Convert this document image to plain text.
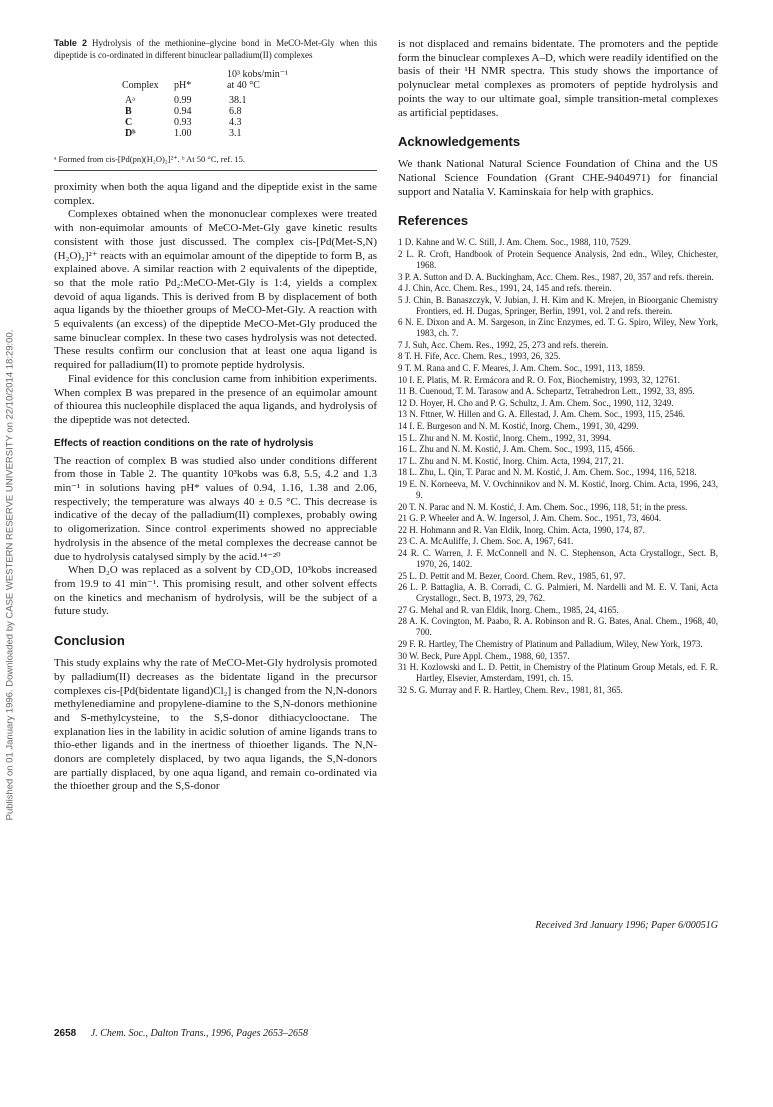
Published on 01 January 1996. Downloaded by CASE WESTERN RESERVE UNIVERSITY on 22/10/2014 18:29:00.

Table 2 Hydrolysis of the methionine–glycine bond in MeCO-Met-Gly when this dipeptide is co-ordinated in different binuclear palladium(II) complexes

10³ kobs/min⁻¹
Complex pH*	at 40 °C
Aᵃ	0.99	38.1
B	0.94	6.8
C	0.93	4.3
Dᵇ	1.00	3.1

ᵃ Formed from cis-[Pd(pn)(H₂O)₂]²⁺. ᵇ At 50 °C, ref. 15.

proximity when both the aqua ligand and the dipeptide exist in the same complex.

Complexes obtained when the mononuclear complexes were treated with non-equimolar amounts of MeCO-Met-Gly gave kinetic results consistent with those just discussed. The complex cis-[Pd(Met-S,N)(H₂O)₂]²⁺ reacts with an equimolar amount of the dipeptide to form B, as explained above. A similar reaction with 2 equivalents of the dipeptide, so that the mole ratio Pd₂:MeCO-Met-Gly is 1:4, yields a complex devoid of aqua ligands. This is derived from B by displacement of both aqua ligands by the thioether groups of MeCO-Met-Gly. A reaction with 5 equivalents (an excess) of the dipeptide MeCO-Met-Gly produced the same binuclear complex. In these two cases hydrolysis was not detected. These results confirm our conclusion that at least one aqua ligand is required for palladium(II) to promote peptide hydrolysis.

Final evidence for this conclusion came from inhibition experiments. When complex B was prepared in the presence of an equimolar amount of thiourea this nucleophile displaced the aqua ligands, and hydrolysis of the dipeptide was not detected.

Effects of reaction conditions on the rate of hydrolysis

The reaction of complex B was studied also under conditions different from those in Table 2. The quantity 10³kobs was 6.8, 5.5, 4.2 and 1.3 min⁻¹ in solutions having pH* values of 0.94, 1.16, 1.38 and 2.06, respectively; the temperature was always 40 ± 0.5 °C. This decrease is indicative of the decay of the palladium(II) complexes, probably owing to oligomerization. Since control experiments showed no appreciable hydrolysis in the absence of the metal complexes the decrease cannot be due to hydrolysis catalysed simply by the acid.¹⁴⁻²⁰

When D₂O was replaced as a solvent by CD₃OD, 10³kobs increased from 19.9 to 41 min⁻¹. This promising result, and other solvent effects on the kinetics and mechanism of hydrolysis, will be the subject of a future study.

Conclusion

This study explains why the rate of MeCO-Met-Gly hydrolysis promoted by palladium(II) decreases as the bidentate ligand in the precursor complexes cis-[Pd(bidentate ligand)Cl₂] is changed from the N,N-donors methylenediamine and propylene-diamine to the S,N-donors methionine and S-methylcysteine, to the S,S-donor dithiacyclooctane. The explanation lies in the lability in acidic solution of amine ligands trans to thio-ether ligands and in the inertness of thioether ligands. The N,N-donors are completely displaced, by two aqua ligands, the S,N-donors are partially displaced, by one aqua ligand, and remain co-ordinated via the thioether group and the S,S-donor

is not displaced and remains bidentate. The promoters and the peptide form the binuclear complexes A–D, which were readily identified on the basis of their ¹H NMR spectra. This study shows the importance of polynuclear metal complexes as promoters of peptide hydrolysis and points the way to our ultimate goal, simple transition-metal complexes as artificial peptidases.

Acknowledgements

We thank National Natural Science Foundation of China and the US National Science Foundation (Grant CHE-9404971) for financial support and Natalia V. Kaminskaia for help with graphics.

References
1 D. Kahne and W. C. Still, J. Am. Chem. Soc., 1988, 110, 7529.
2 L. R. Croft, Handbook of Protein Sequence Analysis, 2nd edn., Wiley, Chichester, 1968.
3 P. A. Sutton and D. A. Buckingham, Acc. Chem. Res., 1987, 20, 357 and refs. therein.
4 J. Chin, Acc. Chem. Res., 1991, 24, 145 and refs. therein.
5 J. Chin, B. Banaszczyk, V. Jubian, J. H. Kim and K. Mrejen, in Bioorganic Chemistry Frontiers, ed. H. Dugas, Springer, Berlin, 1991, vol. 2 and refs. therein.
6 N. E. Dixon and A. M. Sargeson, in Zinc Enzymes, ed. T. G. Spiro, Wiley, New York, 1983, ch. 7.
7 J. Suh, Acc. Chem. Res., 1992, 25, 273 and refs. therein.
8 T. H. Fife, Acc. Chem. Res., 1993, 26, 325.
9 T. M. Rana and C. F. Meares, J. Am. Chem. Soc., 1991, 113, 1859.
10 I. E. Platis, M. R. Ermácora and R. O. Fox, Biochemistry, 1993, 32, 12761.
11 B. Cuenoud, T. M. Tarasow and A. Schepartz, Tetrahedron Lett., 1992, 33, 895.
12 D. Hoyer, H. Cho and P. G. Schultz, J. Am. Chem. Soc., 1990, 112, 3249.
13 N. Fttner, W. Hillen and G. A. Ellestad, J. Am. Chem. Soc., 1993, 115, 2546.
14 I. E. Burgeson and N. M. Kostić, Inorg. Chem., 1991, 30, 4299.
15 L. Zhu and N. M. Kostić, Inorg. Chem., 1992, 31, 3994.
16 L. Zhu and N. M. Kostić, J. Am. Chem. Soc., 1993, 115, 4566.
17 L. Zhu and N. M. Kostić, Inorg. Chim. Acta, 1994, 217, 21.
18 L. Zhu, L. Qin, T. Parac and N. M. Kostić, J. Am. Chem. Soc., 1994, 116, 5218.
19 E. N. Korneeva, M. V. Ovchinnikov and N. M. Kostić, Inorg. Chim. Acta, 1996, 243, 9.
20 T. N. Parac and N. M. Kostić, J. Am. Chem. Soc., 1996, 118, 51; in the press.
21 G. P. Wheeler and A. W. Ingersol, J. Am. Chem. Soc., 1951, 73, 4604.
22 H. Hohmann and R. Van Eldik, Inorg. Chim. Acta, 1990, 174, 87.
23 C. A. McAuliffe, J. Chem. Soc. A, 1967, 641.
24 R. C. Warren, J. F. McConnell and N. C. Stephenson, Acta Crystallogr., Sect. B, 1970, 26, 1402.
25 L. D. Pettit and M. Bezer, Coord. Chem. Rev., 1985, 61, 97.
26 L. P. Battaglia, A. B. Corradi, C. G. Palmieri, M. Nardelli and M. E. V. Tani, Acta Crystallogr., Sect. B, 1973, 29, 762.
27 G. Mehal and R. van Eldik, Inorg. Chem., 1985, 24, 4165.
28 A. K. Covington, M. Paabo, R. A. Robinson and R. G. Bates, Anal. Chem., 1968, 40, 700.
29 F. R. Hartley, The Chemistry of Platinum and Palladium, Wiley, New York, 1973.
30 W. Beck, Pure Appl. Chem., 1988, 60, 1357.
31 H. Kozlowski and L. D. Pettit, in Chemistry of the Platinum Group Metals, ed. F. R. Hartley, Elsevier, Amsterdam, 1991, ch. 15.
32 S. G. Murray and F. R. Hartley, Chem. Rev., 1981, 81, 365.
Received 3rd January 1996; Paper 6/00051G
2658 J. Chem. Soc., Dalton Trans., 1996, Pages 2653–2658
